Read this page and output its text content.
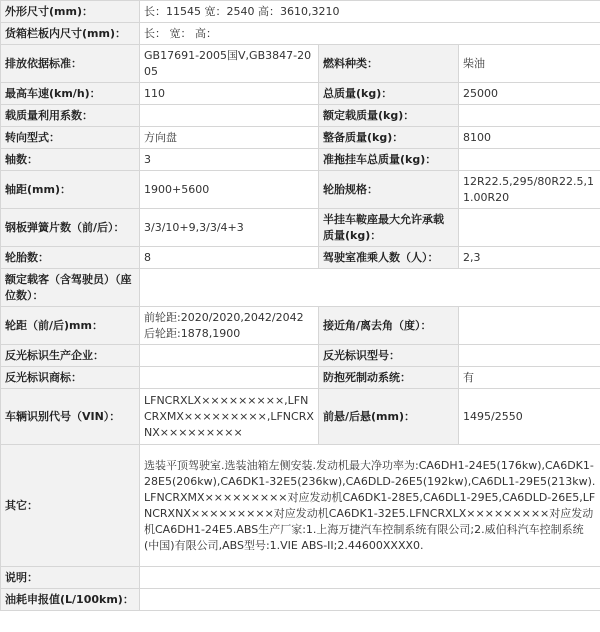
外形尺寸(mm)：	长：11545 宽：2540 高：3610,3210		
货箱栏板内尺寸(mm)：	长： 宽： 高：		
排放依据标准：	GB17691-2005国Ⅴ,GB3847-2005	燃料种类：	柴油
最高车速(km/h)：	110	总质量(kg)：	25000
载质量利用系数：		额定载质量(kg)：	
转向型式：	方向盘	整备质量(kg)：	8100
轴数：	3	准拖挂车总质量(kg)：	
轴距(mm)：	1900+5600	轮胎规格：	12R22.5,295/80R22.5,11.00R20
钢板弹簧片数（前/后）：	3/3/10+9,3/3/4+3	半挂车鞍座最大允许承载质量(kg)：	
轮胎数：	8	驾驶室准乘人数（人）：	2,3
额定载客（含驾驶员）（座位数）：			
轮距（前/后)mm：	前轮距:2020/2020,2042/2042 后轮距:1878,1900	接近角/离去角（度）：	
反光标识生产企业：		反光标识型号：	
反光标识商标：		防抱死制动系统：	有
车辆识别代号（VIN）：	LFNCRXLX×××××××××,LFNCRXMX×××××××××,LFNCRXNX×××××××××	前悬/后悬(mm)：	1495/2550
其它：	选装平顶驾驶室.选装油箱左侧安装.发动机最大净功率为:CA6DH1-24E5(176kw),CA6DK1-28E5(206kw),CA6DK1-32E5(236kw),CA6DLD-26E5(192kw),CA6DL1-29E5(213kw).LFNCRXMX×××××××××对应发动机CA6DK1-28E5,CA6DL1-29E5,CA6DLD-26E5,LFNCRXNX×××××××××对应发动机CA6DK1-32E5.LFNCRXLX×××××××××对应发动机CA6DH1-24E5.ABS生产厂家:1.上海万捷汽车控制系统有限公司;2.威伯科汽车控制系统(中国)有限公司,ABS型号:1.VIE ABS-II;2.44600XXXX0.		
说明：			
油耗申报值(L/100km)：			
